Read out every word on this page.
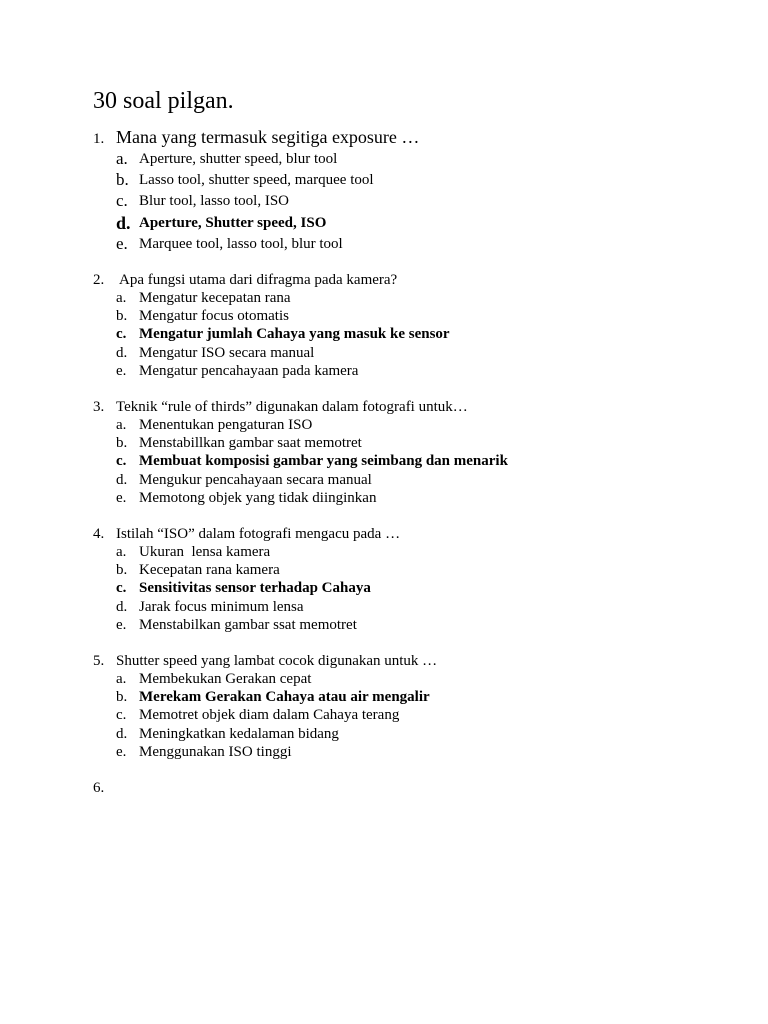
30 soal pilgan.
1. Mana yang termasuk segitiga exposure …
a. Aperture, shutter speed, blur tool
b. Lasso tool, shutter speed, marquee tool
c. Blur tool, lasso tool, ISO
d. Aperture, Shutter speed, ISO
e. Marquee tool, lasso tool, blur tool
2. Apa fungsi utama dari difragma pada kamera?
a. Mengatur kecepatan rana
b. Mengatur focus otomatis
c. Mengatur jumlah Cahaya yang masuk ke sensor
d. Mengatur ISO secara manual
e. Mengatur pencahayaan pada kamera
3. Teknik “rule of thirds” digunakan dalam fotografi untuk…
a. Menentukan pengaturan ISO
b. Menstabillkan gambar saat memotret
c. Membuat komposisi gambar yang seimbang dan menarik
d. Mengukur pencahayaan secara manual
e. Memotong objek yang tidak diinginkan
4. Istilah “ISO” dalam fotografi mengacu pada …
a. Ukuran  lensa kamera
b. Kecepatan rana kamera
c. Sensitivitas sensor terhadap Cahaya
d. Jarak focus minimum lensa
e. Menstabilkan gambar ssat memotret
5. Shutter speed yang lambat cocok digunakan untuk …
a. Membekukan Gerakan cepat
b. Merekam Gerakan Cahaya atau air mengalir
c. Memotret objek diam dalam Cahaya terang
d. Meningkatkan kedalaman bidang
e. Menggunakan ISO tinggi
6.
